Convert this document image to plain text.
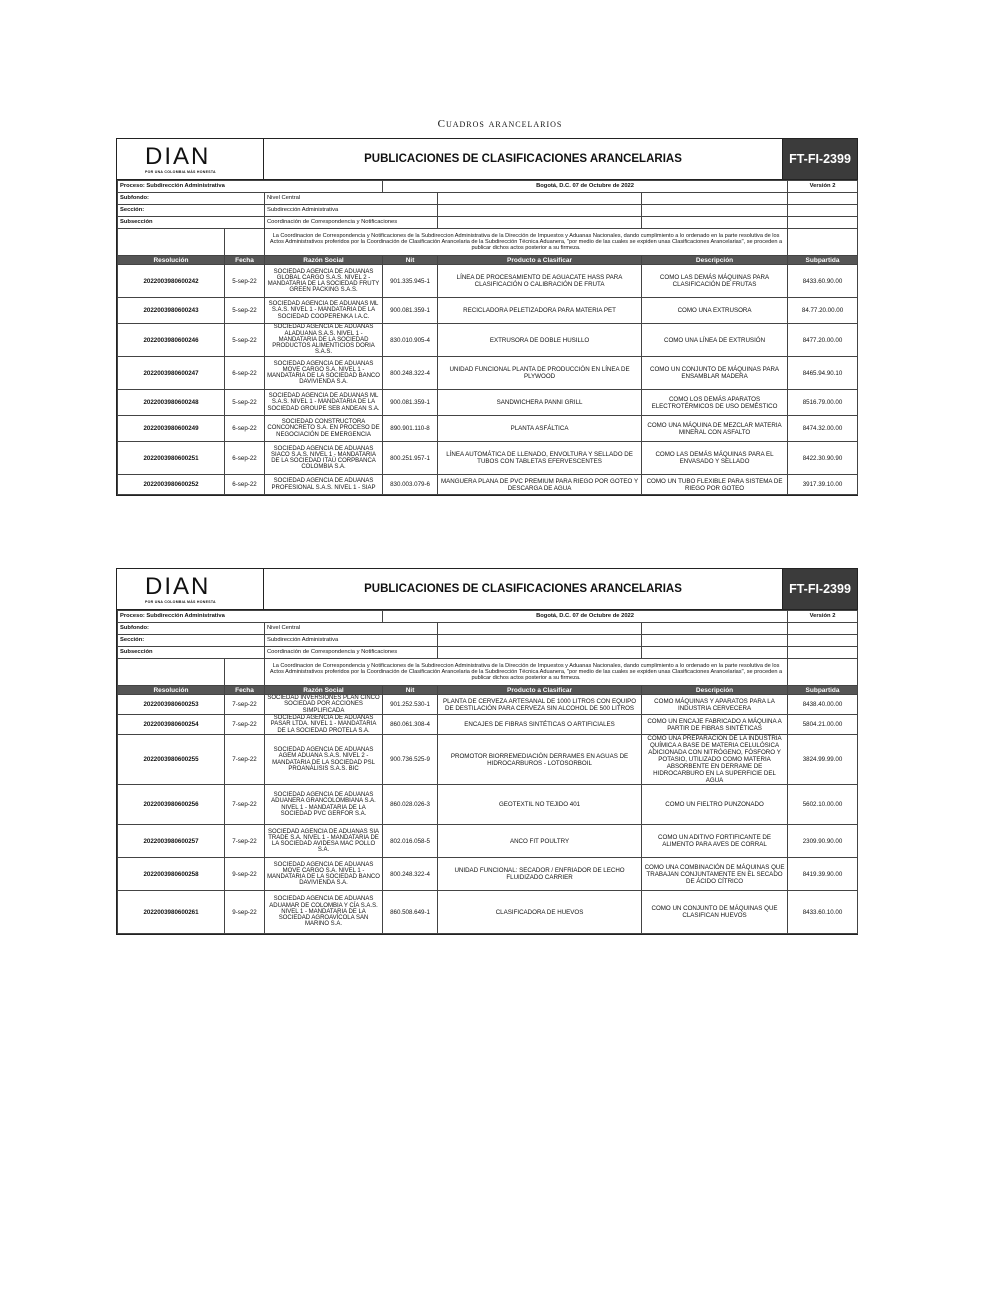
Cuadros arancelarios
DIAN
POR UNA COLOMBIA MÁS HONESTA
PUBLICACIONES DE CLASIFICACIONES ARANCELARIAS	FT-FI-2399
Proceso: Subdirección Administrativa			Bogotá, D.C. 07 de Octubre de 2022			Versión 2
Subfondo:		Nivel Central				
Sección:		Subdirección Administrativa				
Subsección		Coordinación de Correspondencia y Notificaciones				
		La Coordinacion de Correspondencia y Notificaciones de la Subdireccion Administrativa de la Dirección de Impuestos y Aduanas Nacionales, dando cumplimiento a lo ordenado en la parte resolutiva de los Actos Administrativos proferidos por la Coordinación de Clasificación Arancelaria de la Subdirección Técnica Aduanera, "por medio de las cuales se expiden unas Clasificaciones Arancelarias", se proceden a publicar dichos actos posterior a su firmeza.				
Resolución	Fecha	Razón Social	Nit	Producto a Clasificar	Descripción	Subpartida
2022003980600242	5-sep-22	SOCIEDAD AGENCIA DE ADUANAS GLOBAL CARGO S.A.S. NIVEL 2 - MANDATARIA DE LA SOCIEDAD FRUTY GREEN PACKING S.A.S.	901.335.945-1	LÍNEA DE PROCESAMIENTO DE AGUACATE HASS PARA CLASIFICACIÓN O CALIBRACIÓN DE FRUTA	COMO LAS DEMÁS MÁQUINAS PARA CLASIFICACIÓN DE FRUTAS	8433.60.90.00
2022003980600243	5-sep-22	SOCIEDAD AGENCIA DE ADUANAS ML S.A.S. NIVEL 1 - MANDATARIA DE LA SOCIEDAD COOPERENKA I.A.C.	900.081.359-1	RECICLADORA PELETIZADORA PARA MATERIA PET	COMO UNA EXTRUSORA	84.77.20.00.00
2022003980600246	5-sep-22	SOCIEDAD AGENCIA DE ADUANAS ALADUANA S.A.S. NIVEL 1 - MANDATARIA DE LA SOCIEDAD PRODUCTOS ALIMENTICIOS DORIA S.A.S.	830.010.905-4	EXTRUSORA DE DOBLE HUSILLO	COMO UNA LÍNEA DE EXTRUSIÓN	8477.20.00.00
2022003980600247	6-sep-22	SOCIEDAD AGENCIA DE ADUANAS MOVE CARGO S.A. NIVEL 1 - MANDATARIA DE LA SOCIEDAD BANCO DAVIVIENDA S.A.	800.248.322-4	UNIDAD FUNCIONAL PLANTA DE PRODUCCIÓN EN LÍNEA DE PLYWOOD	COMO UN CONJUNTO DE MÁQUINAS PARA ENSAMBLAR MADERA	8465.94.90.10
2022003980600248	5-sep-22	SOCIEDAD AGENCIA DE ADUANAS ML S.A.S. NIVEL 1 - MANDATARIA DE LA SOCIEDAD GROUPE SEB ANDEAN S.A.	900.081.359-1	SANDWICHERA PANNI GRILL	COMO LOS DEMÁS APARATOS ELECTROTÉRMICOS DE USO DEMÉSTICO	8516.79.00.00
2022003980600249	6-sep-22	SOCIEDAD CONSTRUCTORA CONCONCRETO S.A. EN PROCESO DE NEGOCIACIÓN DE EMERGENCIA	890.901.110-8	PLANTA ASFÁLTICA	COMO UNA MÁQUINA DE MEZCLAR MATERIA MINERAL CON ASFALTO	8474.32.00.00
2022003980600251	6-sep-22	SOCIEDAD AGENCIA DE ADUANAS SIACO S.A.S. NIVEL 1 - MANDATARIA DE LA SOCIEDAD ITAÚ CORPBANCA COLOMBIA S.A.	800.251.957-1	LÍNEA AUTOMÁTICA DE LLENADO, ENVOLTURA Y SELLADO DE TUBOS CON TABLETAS EFERVESCENTES	COMO LAS DEMÁS MÁQUINAS PARA EL ENVASADO Y SELLADO	8422.30.90.90
2022003980600252	6-sep-22	SOCIEDAD AGENCIA DE ADUANAS PROFESIONAL S.A.S. NIVEL 1 - SIAP	830.003.079-6	MANGUERA PLANA DE PVC PREMIUM PARA RIEGO POR GOTEO Y DESCARGA DE AGUA	COMO UN TUBO FLEXIBLE PARA SISTEMA DE RIEGO POR GOTEO	3917.39.10.00
DIAN
POR UNA COLOMBIA MÁS HONESTA
PUBLICACIONES DE CLASIFICACIONES ARANCELARIAS	FT-FI-2399
Proceso: Subdirección Administrativa			Bogotá, D.C. 07 de Octubre de 2022			Versión 2
Subfondo:		Nivel Central				
Sección:		Subdirección Administrativa				
Subsección		Coordinación de Correspondencia y Notificaciones				
		La Coordinacion de Correspondencia y Notificaciones de la Subdireccion Administrativa de la Dirección de Impuestos y Aduanas Nacionales, dando cumplimiento a lo ordenado en la parte resolutiva de los Actos Administrativos proferidos por la Coordinación de Clasificación Arancelaria de la Subdirección Técnica Aduanera, "por medio de las cuales se expiden unas Clasificaciones Arancelarias", se proceden a publicar dichos actos posterior a su firmeza.				
Resolución	Fecha	Razón Social	Nit	Producto a Clasificar	Descripción	Subpartida
2022003980600253	7-sep-22	SOCIEDAD INVERSIONES PLAN CINCO SOCIEDAD POR ACCIONES SIMPLIFICADA	901.252.530-1	PLANTA DE CERVEZA ARTESANAL DE 1000 LITROS CON EQUIPO DE DESTILACIÓN PARA CERVEZA SIN ALCOHOL DE 500 LITROS	COMO MÁQUINAS Y APARATOS PARA LA INDUSTRIA CERVECERA	8438.40.00.00
2022003980600254	7-sep-22	SOCIEDAD AGENCIA DE ADUANAS PASAR LTDA. NIVEL 1 - MANDATARIA DE LA SOCIEDAD PROTELA S.A.	860.061.308-4	ENCAJES DE FIBRAS SINTÉTICAS O ARTIFICIALES	COMO UN ENCAJE FABRICADO A MÁQUINA A PARTIR DE FIBRAS SINTÉTICAS	5804.21.00.00
2022003980600255	7-sep-22	SOCIEDAD AGENCIA DE ADUANAS AGEM ADUANA S.A.S. NIVEL 2 - MANDATARIA DE LA SOCIEDAD PSL PROANÁLISIS S.A.S. BIC	900.736.525-9	PROMOTOR BIORREMEDIACIÓN DERRAMES EN AGUAS DE HIDROCARBUROS - LOTOSORBOIL	COMO UNA PREPARACIÓN DE LA INDUSTRIA QUÍMICA A BASE DE MATERIA CELULÓSICA ADICIONADA CON NITRÓGENO, FÓSFORO Y POTASIO, UTILIZADO COMO MATERIA ABSORBENTE EN DERRAME DE HIDROCARBURO EN LA SUPERFICIE DEL AGUA	3824.99.99.00
2022003980600256	7-sep-22	SOCIEDAD AGENCIA DE ADUANAS ADUANERA GRANCOLOMBIANA S.A. NIVEL 1 - MANDATARIA DE LA SOCIEDAD PVC GERFOR S.A.	860.028.026-3	GEOTEXTIL NO TEJIDO 401	COMO UN FIELTRO PUNZONADO	5602.10.00.00
2022003980600257	7-sep-22	SOCIEDAD AGENCIA DE ADUANAS SIA TRADE S.A. NIVEL 1 - MANDATARIA DE LA SOCIEDAD AVIDESA MAC POLLO S.A.	802.016.058-5	ANCO FIT POULTRY	COMO UN ADITIVO FORTIFICANTE DE ALIMENTO PARA AVES DE CORRAL	2309.90.90.00
2022003980600258	9-sep-22	SOCIEDAD AGENCIA DE ADUANAS MOVE CARGO S.A. NIVEL 1 - MANDATARIA DE LA SOCIEDAD BANCO DAVIVIENDA S.A.	800.248.322-4	UNIDAD FUNCIONAL: SECADOR / ENFRIADOR DE LECHO FLUIDIZADO CARRIER	COMO UNA COMBINACIÓN DE MÁQUINAS QUE TRABAJAN CONJUNTAMENTE EN EL SECADO DE ÁCIDO CÍTRICO	8419.39.90.00
2022003980600261	9-sep-22	SOCIEDAD AGENCIA DE ADUANAS ADUAMAR DE COLOMBIA Y CÍA S.A.S. NIVEL 1 - MANDATARIA DE LA SOCIEDAD AGROAVÍCOLA SAN MARINO S.A.	860.508.649-1	CLASIFICADORA DE HUEVOS	COMO UN CONJUNTO DE MÁQUINAS QUE CLASIFICAN HUEVOS	8433.60.10.00
